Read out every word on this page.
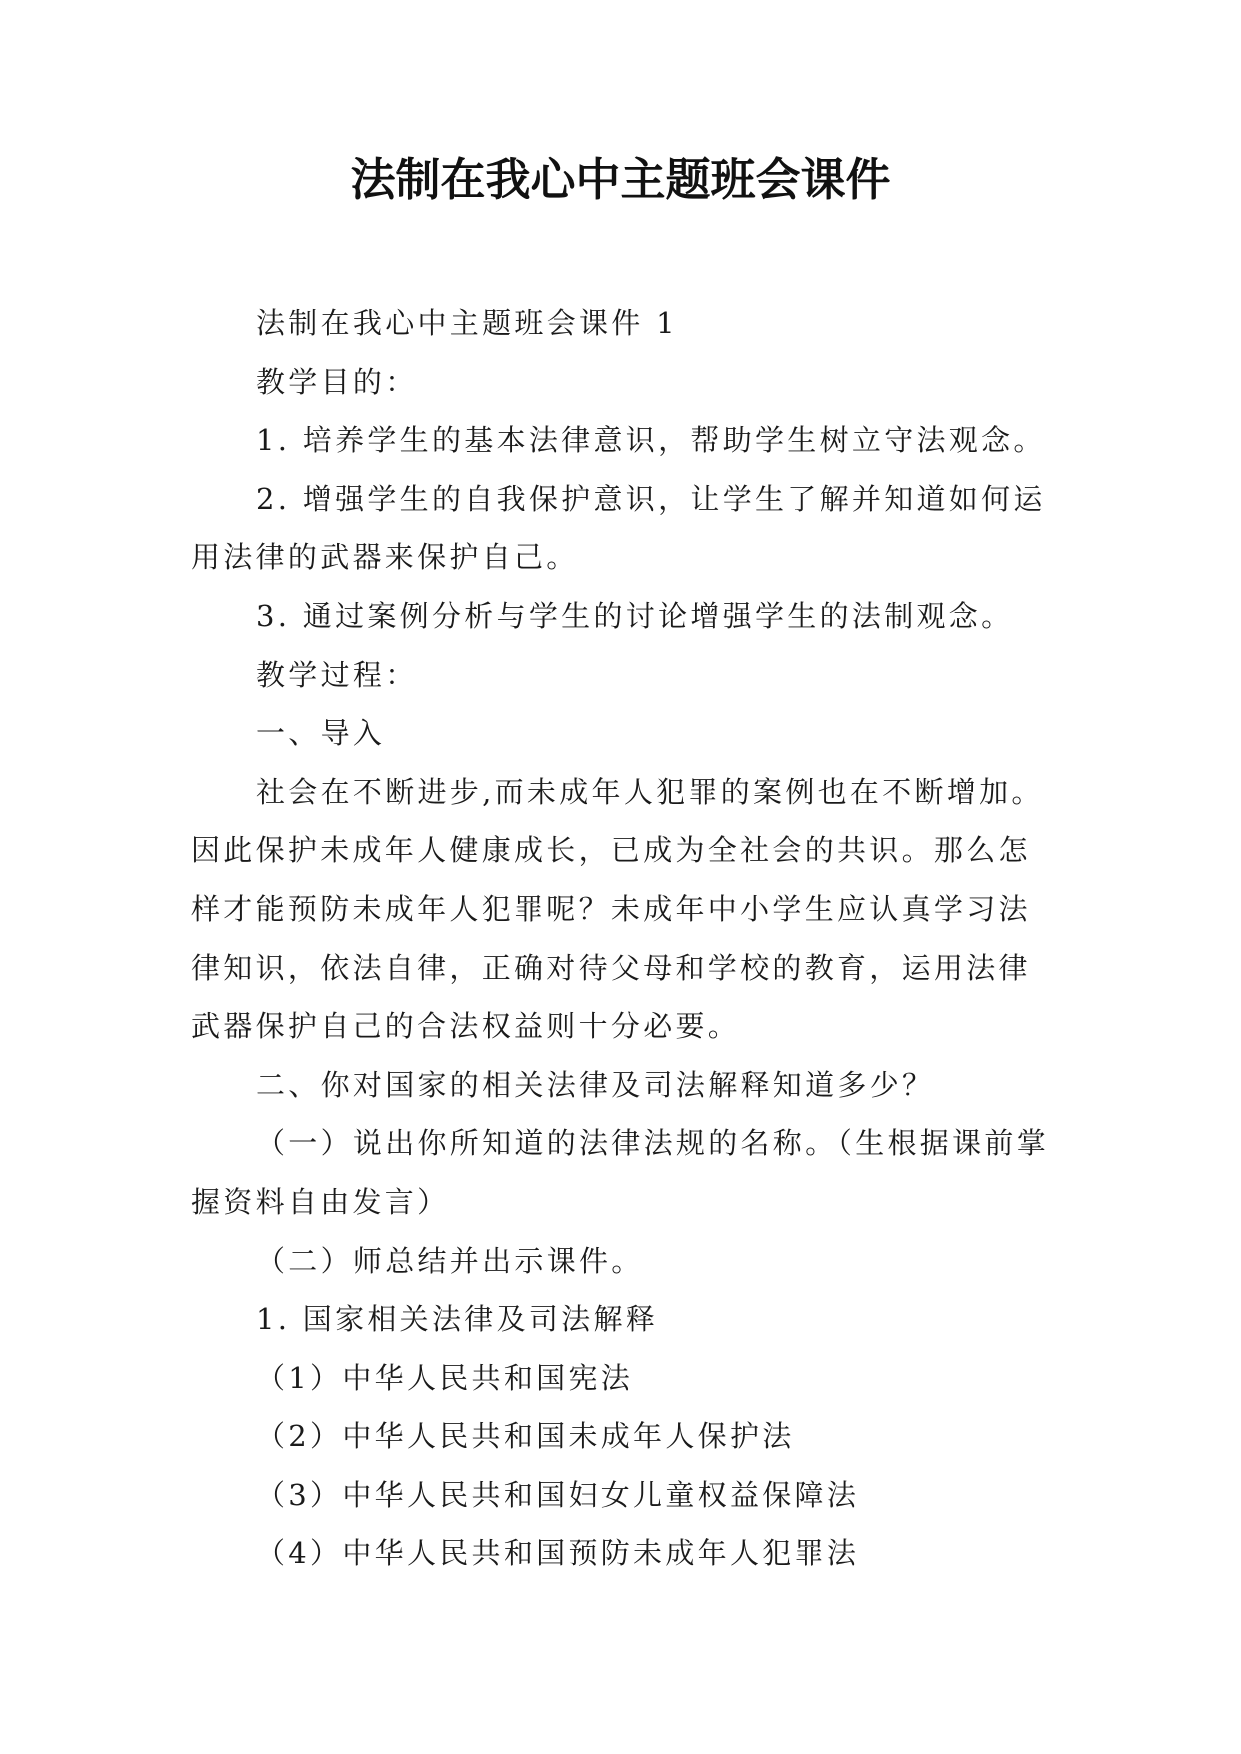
法制在我心中主题班会课件

法制在我心中主题班会课件 1

教学目的：

1. 培养学生的基本法律意识，帮助学生树立守法观念。

2. 增强学生的自我保护意识，让学生了解并知道如何运用法律的武器来保护自己。

3. 通过案例分析与学生的讨论增强学生的法制观念。

教学过程：

一、导入

社会在不断进步,而未成年人犯罪的案例也在不断增加。因此保护未成年人健康成长，已成为全社会的共识。那么怎样才能预防未成年人犯罪呢？未成年中小学生应认真学习法律知识，依法自律，正确对待父母和学校的教育，运用法律武器保护自己的合法权益则十分必要。

二、你对国家的相关法律及司法解释知道多少？

（一）说出你所知道的法律法规的名称。（生根据课前掌握资料自由发言）

（二）师总结并出示课件。

1. 国家相关法律及司法解释

（1）中华人民共和国宪法

（2）中华人民共和国未成年人保护法

（3）中华人民共和国妇女儿童权益保障法

（4）中华人民共和国预防未成年人犯罪法
